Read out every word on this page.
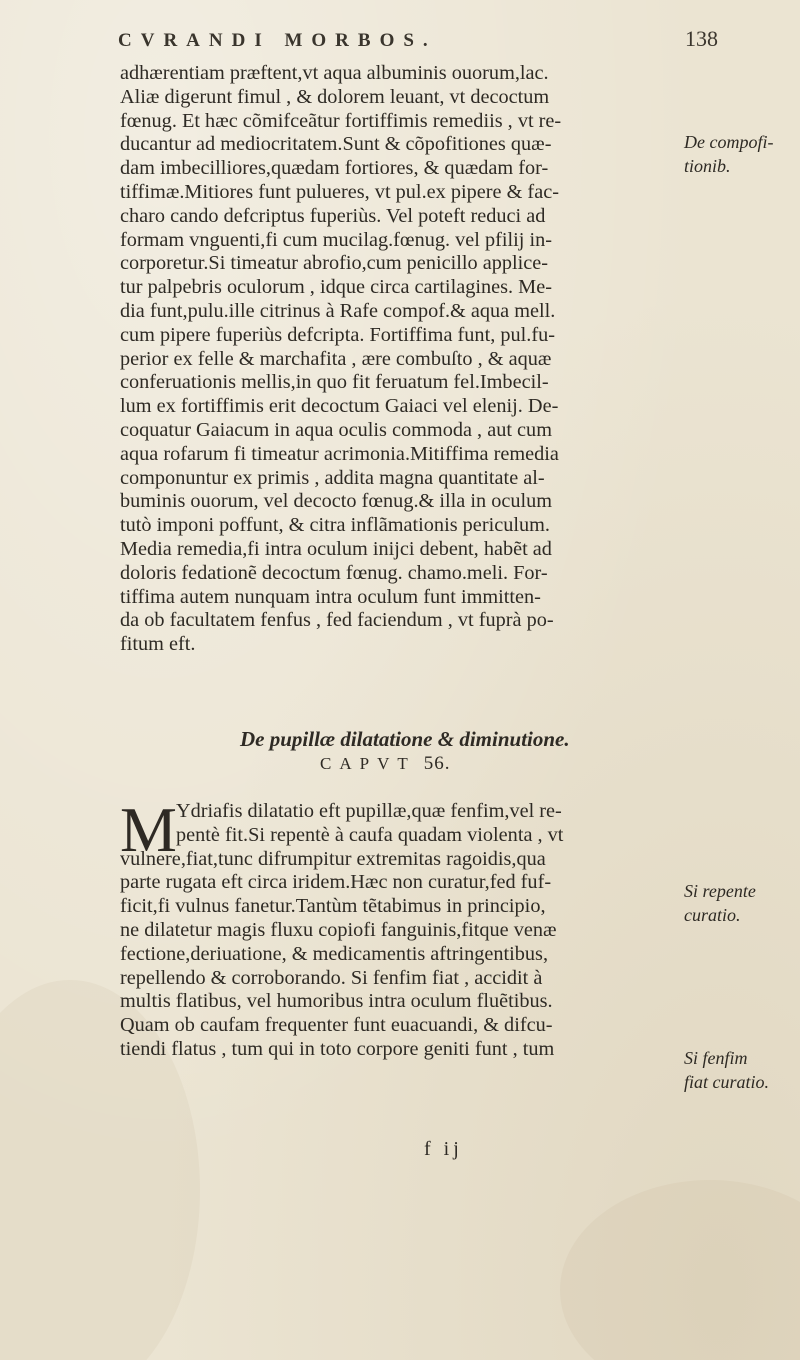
CVRANDI MORBOS.	138
adhærentiam præftent,vt aqua albuminis ouorum,lac.
Aliæ digerunt fimul , & dolorem leuant, vt decoctum
fœnug. Et hæc cõmifceãtur fortiffimis remediis , vt re-
ducantur ad mediocritatem.Sunt & cõpofitiones quæ-
dam imbecilliores,quædam fortiores, & quædam for-
tiffimæ.Mitiores funt pulueres, vt pul.ex pipere & fac-
charo cando defcriptus fuperiùs. Vel poteft reduci ad
formam vnguenti,fi cum mucilag.fœnug. vel pfilij in-
corporetur.Si timeatur abrofio,cum penicillo applice-
tur palpebris oculorum , idque circa cartilagines. Me-
dia funt,pulu.ille citrinus à Rafe compof.& aqua mell.
cum pipere fuperiùs defcripta. Fortiffima funt, pul.fu-
perior ex felle & marchafita , ære combuſto , & aquæ
conferuationis mellis,in quo fit feruatum fel.Imbecil-
lum ex fortiffimis erit decoctum Gaiaci vel elenij. De-
coquatur Gaiacum in aqua oculis commoda , aut cum
aqua rofarum fi timeatur acrimonia.Mitiffima remedia
componuntur ex primis , addita magna quantitate al-
buminis ouorum, vel decocto fœnug.& illa in oculum
tutò imponi poffunt, & citra inflãmationis periculum.
Media remedia,fi intra oculum inijci debent, habẽt ad
doloris fedationẽ decoctum fœnug. chamo.meli. For-
tiffima autem nunquam intra oculum funt immitten-
da ob facultatem fenfus , fed faciendum , vt fuprà po-
fitum eft.
De compofi-
tionib.
De pupillæ dilatatione & diminutione.
CAPVT 56.
M Ydriafis dilatatio eft pupillæ,quæ fenfim,vel re-
pentè fit.Si repentè à caufa quadam violenta , vt
vulnere,fiat,tunc difrumpitur extremitas ragoidis,qua
parte rugata eft circa iridem.Hæc non curatur,fed fuf-
ficit,fi vulnus fanetur.Tantùm tẽtabimus in principio,
ne dilatetur magis fluxu copiofi fanguinis,fitque venæ
fectione,deriuatione, & medicamentis aftringentibus,
repellendo & corroborando. Si fenfim fiat , accidit à
multis flatibus, vel humoribus intra oculum fluẽtibus.
Quam ob caufam frequenter funt euacuandi, & difcu-
tiendi flatus , tum qui in toto corpore geniti funt , tum
Si repente
curatio.
Si fenfim
fiat curatio.
f ij
